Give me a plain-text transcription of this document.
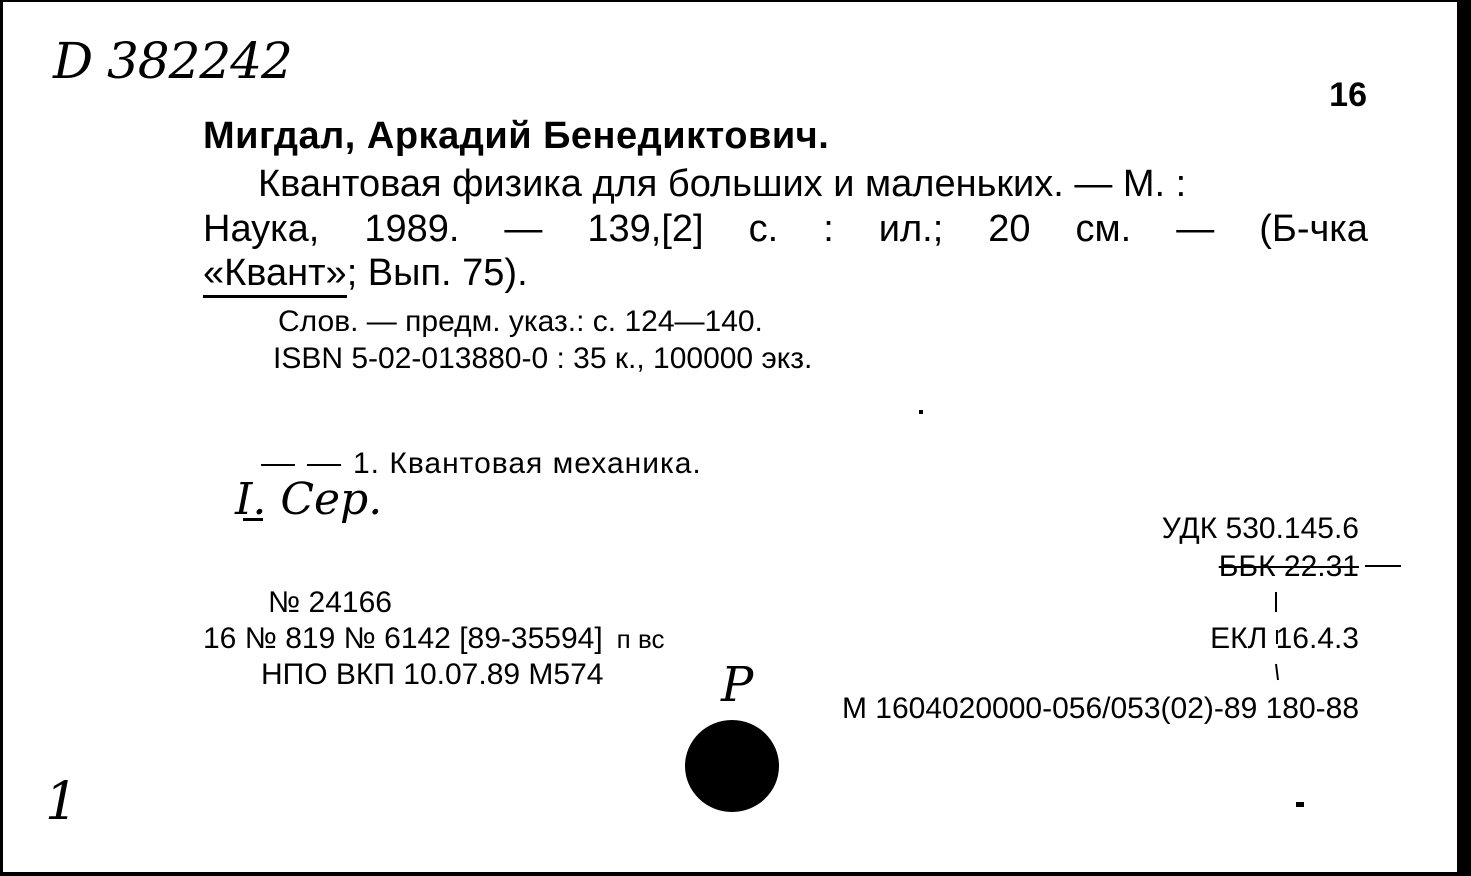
D 382242
16
Мигдал, Аркадий Бенедиктович.
Квантовая физика для больших и маленьких. — М. :
Наука, 1989. — 139,[2] с. : ил.; 20 см. — (Б-чка
«Квант»; Вып. 75).
Слов. — предм. указ.: с. 124—140.
ISBN 5-02-013880-0 : 35 к., 100000 экз.
1. Квантовая механика.
I. Сер.
УДК 530.145.6
ББК 22.31
№ 24166
16 № 819 № 6142 [89-35594] п вс
НПО ВКП 10.07.89 М574
ЕКЛ 16.4.3
М 1604020000-056/053(02)-89 180-88
Р
1
